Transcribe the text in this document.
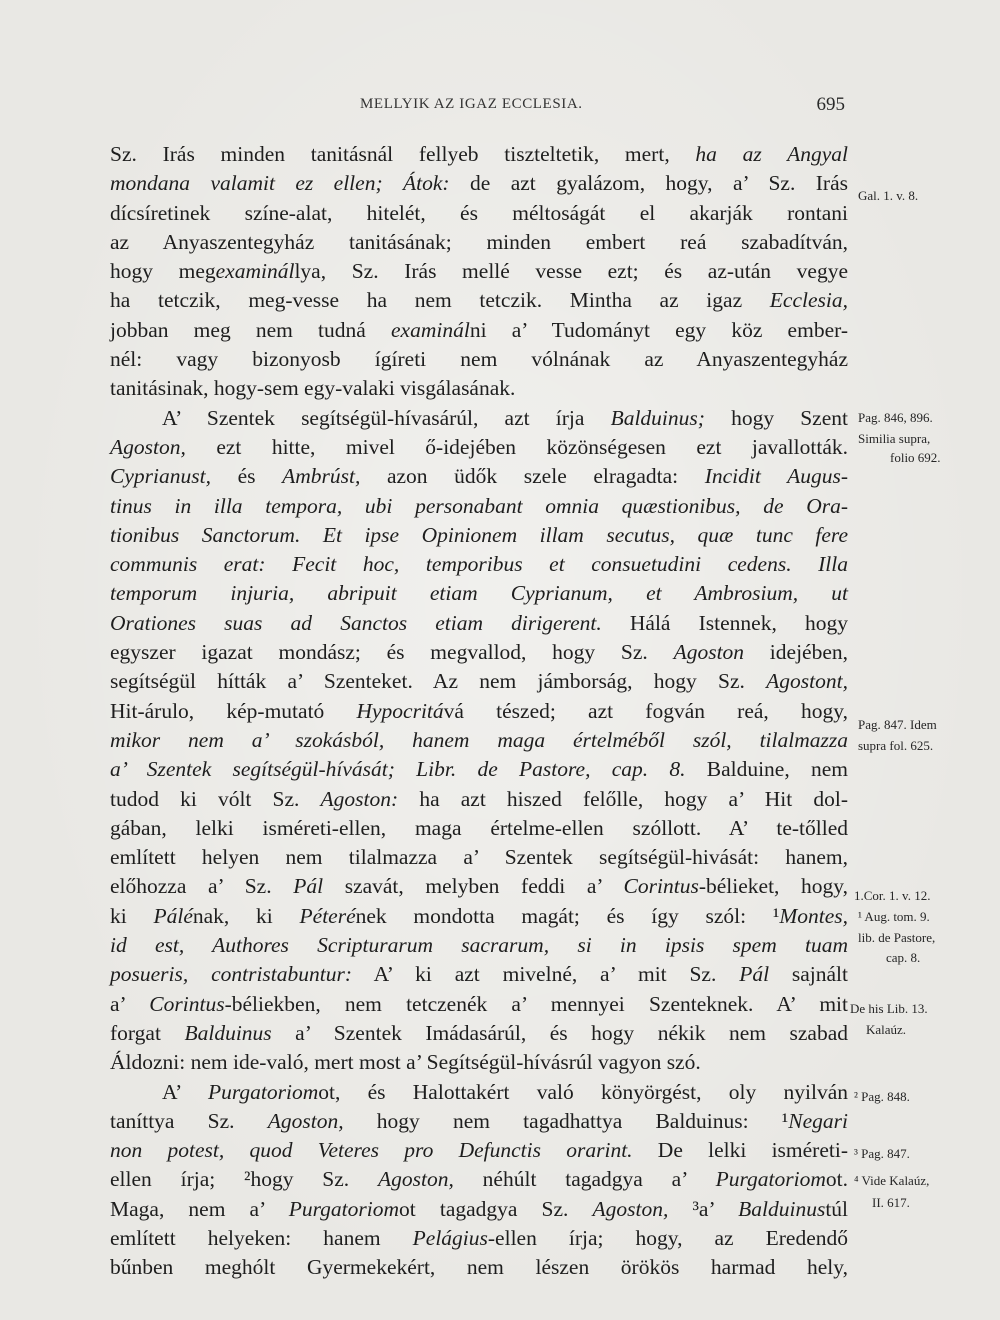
MELLYIK AZ IGAZ ECCLESIA.	695
Sz. Irás minden tanitásnál fellyeb tiszteltetik, mert, ha az Angyal
mondana valamit ez ellen; Átok: de azt gyalázom, hogy, a’ Sz. Irás
dícsíretinek színe-alat, hitelét, és méltoságát el akarják rontani
az Anyaszentegyház tanitásának; minden embert reá szabadítván,
hogy megexaminállya, Sz. Irás mellé vesse ezt; és az-után vegye
ha tetczik, meg-vesse ha nem tetczik. Mintha az igaz Ecclesia,
jobban meg nem tudná examinálni a’ Tudományt egy köz ember-
nél: vagy bizonyosb ígíreti nem vólnának az Anyaszentegyház
tanitásinak, hogy-sem egy-valaki visgálasának.
A’ Szentek segítségül-hívasárúl, azt írja Balduinus; hogy Szent
Agoston, ezt hitte, mivel ő-idejében közönségesen ezt javallották.
Cyprianust, és Ambrúst, azon üdők szele elragadta: Incidit Augus-
tinus in illa tempora, ubi personabant omnia quæstionibus, de Ora-
tionibus Sanctorum. Et ipse Opinionem illam secutus, quæ tunc fere
communis erat: Fecit hoc, temporibus et consuetudini cedens. Illa
temporum injuria, abripuit etiam Cyprianum, et Ambrosium, ut
Orationes suas ad Sanctos etiam dirigerent. Hálá Istennek, hogy
egyszer igazat mondász; és megvallod, hogy Sz. Agoston idejében,
segítségül hítták a’ Szenteket. Az nem jámborság, hogy Sz. Agostont,
Hit-árulo, kép-mutató Hypocritává tészed; azt fogván reá, hogy,
mikor nem a’ szokásból, hanem maga értelméből szól, tilalmazza
a’ Szentek segítségül-hívását; Libr. de Pastore, cap. 8. Balduine, nem
tudod ki vólt Sz. Agoston: ha azt hiszed felőlle, hogy a’ Hit dol-
gában, lelki isméreti-ellen, maga értelme-ellen szóllott. A’ te-tőlled
említett helyen nem tilalmazza a’ Szentek segítségül-hivását: hanem,
előhozza a’ Sz. Pál szavát, melyben feddi a’ Corintus-bélieket, hogy,
ki Pálénak, ki Péterének mondotta magát; és így szól: ¹Montes,
id est, Authores Scripturarum sacrarum, si in ipsis spem tuam
posueris, contristabuntur: A’ ki azt mivelné, a’ mit Sz. Pál sajnált
a’ Corintus-béliekben, nem tetczenék a’ mennyei Szenteknek. A’ mit
forgat Balduinus a’ Szentek Imádasárúl, és hogy nékik nem szabad
Áldozni: nem ide-való, mert most a’ Segítségül-hívásrúl vagyon szó.
A’ Purgatoriomot, és Halottakért való könyörgést, oly nyilván
taníttya Sz. Agoston, hogy nem tagadhattya Balduinus: ¹Negari
non potest, quod Veteres pro Defunctis orarint. De lelki isméreti-
ellen írja; ²hogy Sz. Agoston, néhúlt tagadgya a’ Purgatoriomot.
Maga, nem a’ Purgatoriomot tagadgya Sz. Agoston, ³a’ Balduinustúl
említett helyeken: hanem Pelágius-ellen írja; hogy, az Eredendő
bűnben meghólt Gyermekekért, nem lészen örökös harmad hely,
Gal. 1. v. 8.
Pag. 846, 896.
Similia supra,
folio 692.
Pag. 847. Idem
supra fol. 625.
1.Cor. 1. v. 12.
¹ Aug. tom. 9.
lib. de Pastore,
cap. 8.
De his Lib. 13.
Kalaúz.
² Pag. 848.
³ Pag. 847.
⁴ Vide Kalaúz,
II. 617.
